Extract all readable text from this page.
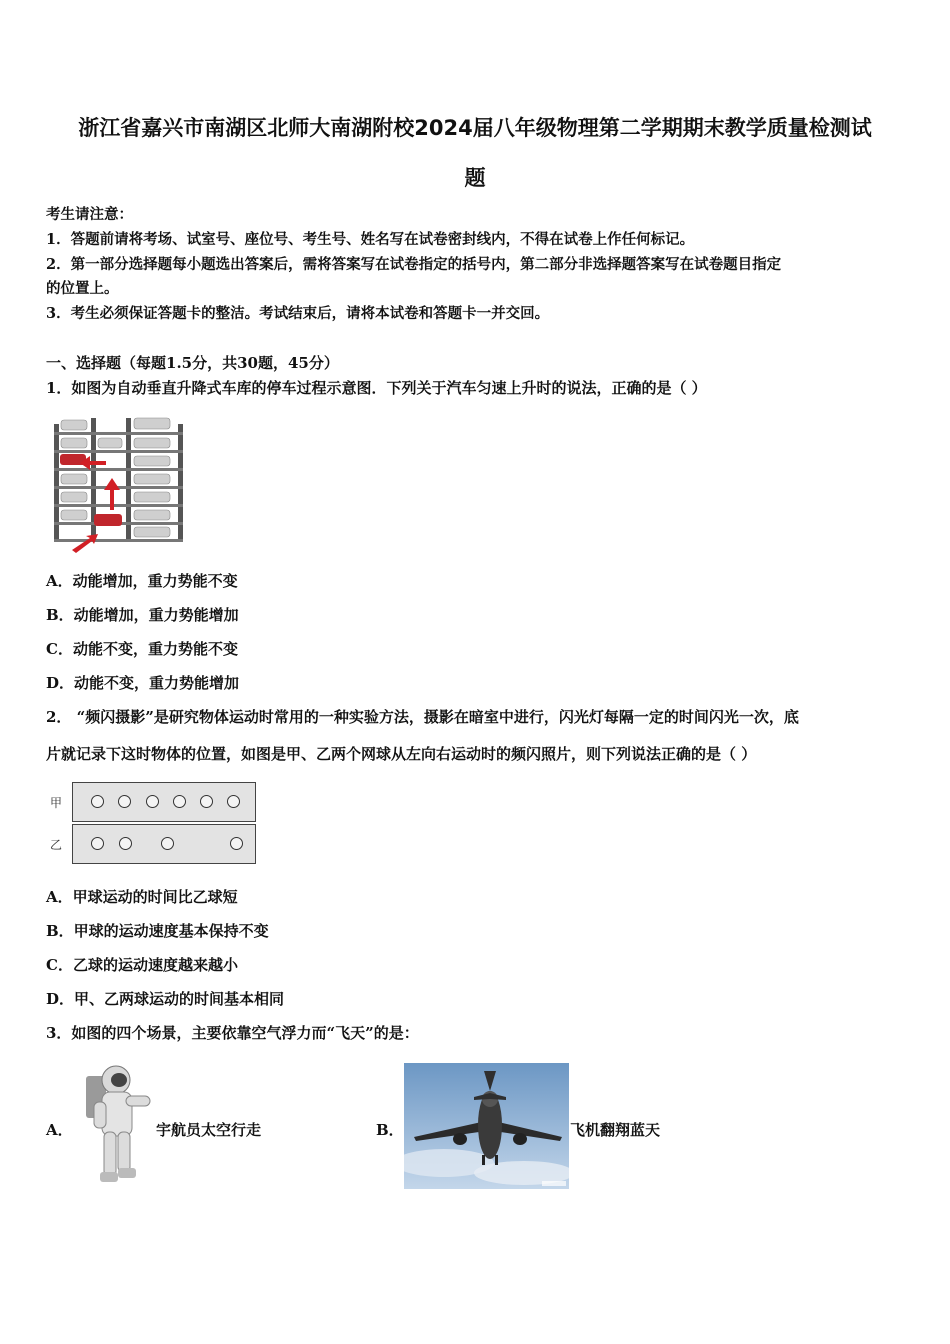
浙江省嘉兴市南湖区北师大南湖附校2024届八年级物理第二学期期末教学质量检测试
题
考生请注意：
1．答题前请将考场、试室号、座位号、考生号、姓名写在试卷密封线内，不得在试卷上作任何标记。
2．第一部分选择题每小题选出答案后，需将答案写在试卷指定的括号内，第二部分非选择题答案写在试卷题目指定
的位置上。
3．考生必须保证答题卡的整洁。考试结束后，请将本试卷和答题卡一并交回。
一、选择题（每题1.5分，共30题，45分）
1．如图为自动垂直升降式车库的停车过程示意图．下列关于汽车匀速上升时的说法，正确的是（ ）
A．动能增加，重力势能不变
B．动能增加，重力势能增加
C．动能不变，重力势能不变
D．动能不变，重力势能增加
2． “频闪摄影”是研究物体运动时常用的一种实验方法，摄影在暗室中进行，闪光灯每隔一定的时间闪光一次，底
片就记录下这时物体的位置，如图是甲、乙两个网球从左向右运动时的频闪照片，则下列说法正确的是（ ）
甲
乙
A．甲球运动的时间比乙球短
B．甲球的运动速度基本保持不变
C．乙球的运动速度越来越小
D．甲、乙两球运动的时间基本相同
3．如图的四个场景，主要依靠空气浮力而“飞天”的是：
A．	宇航员太空行走	B．	飞机翻翔蓝天
